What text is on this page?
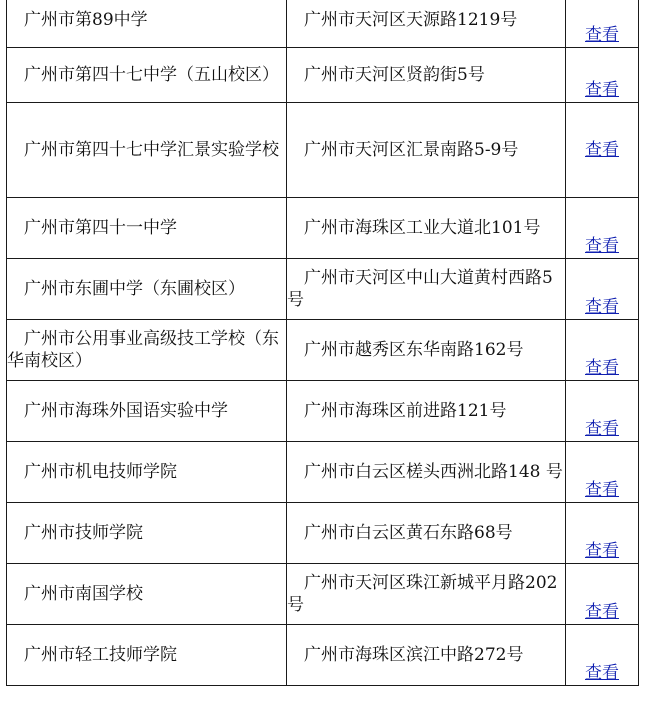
　广州市第89中学	　广州市天河区天源路1219号	查看

　广州市第四十七中学（五山校区）	　广州市天河区贤韵街5号	查看

　广州市第四十七中学汇景实验学校	　广州市天河区汇景南路5-9号	查看

　广州市第四十一中学	　广州市海珠区工业大道北101号	查看

　广州市东圃中学（东圃校区）	　广州市天河区中山大道黄村西路5号	查看

　广州市公用事业高级技工学校（东华南校区）	　广州市越秀区东华南路162号	查看

　广州市海珠外国语实验中学	　广州市海珠区前进路121号	查看

　广州市机电技师学院	　广州市白云区槎头西洲北路148 号	查看

　广州市技师学院	　广州市白云区黄石东路68号	查看

　广州市南国学校	　广州市天河区珠江新城平月路202号	查看

　广州市轻工技师学院	　广州市海珠区滨江中路272号	查看
